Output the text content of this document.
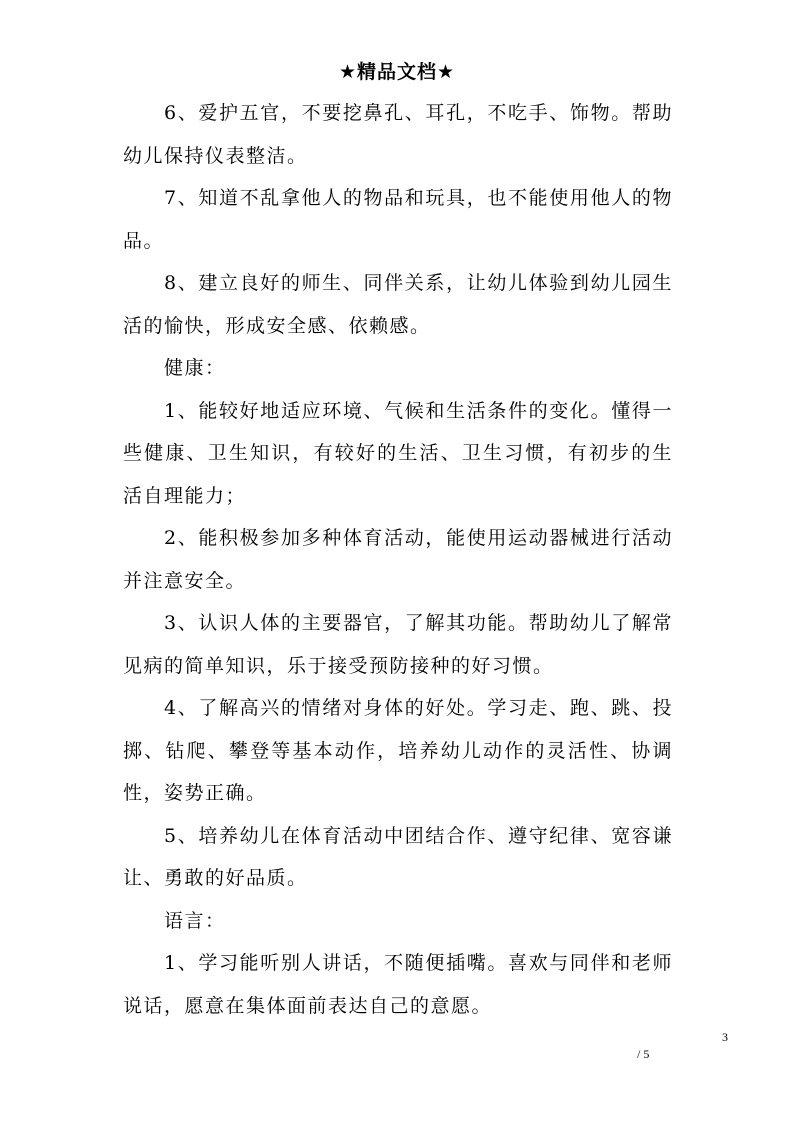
★精品文档★

6、爱护五官，不要挖鼻孔、耳孔，不吃手、饰物。帮助幼儿保持仪表整洁。

7、知道不乱拿他人的物品和玩具，也不能使用他人的物品。

8、建立良好的师生、同伴关系，让幼儿体验到幼儿园生活的愉快，形成安全感、依赖感。

健康：

1、能较好地适应环境、气候和生活条件的变化。懂得一些健康、卫生知识，有较好的生活、卫生习惯，有初步的生活自理能力；

2、能积极参加多种体育活动，能使用运动器械进行活动并注意安全。

3、认识人体的主要器官，了解其功能。帮助幼儿了解常见病的简单知识，乐于接受预防接种的好习惯。

4、了解高兴的情绪对身体的好处。学习走、跑、跳、投掷、钻爬、攀登等基本动作，培养幼儿动作的灵活性、协调性，姿势正确。

5、培养幼儿在体育活动中团结合作、遵守纪律、宽容谦让、勇敢的好品质。

语言：

1、学习能听别人讲话，不随便插嘴。喜欢与同伴和老师说话，愿意在集体面前表达自己的意愿。

3
/ 5
